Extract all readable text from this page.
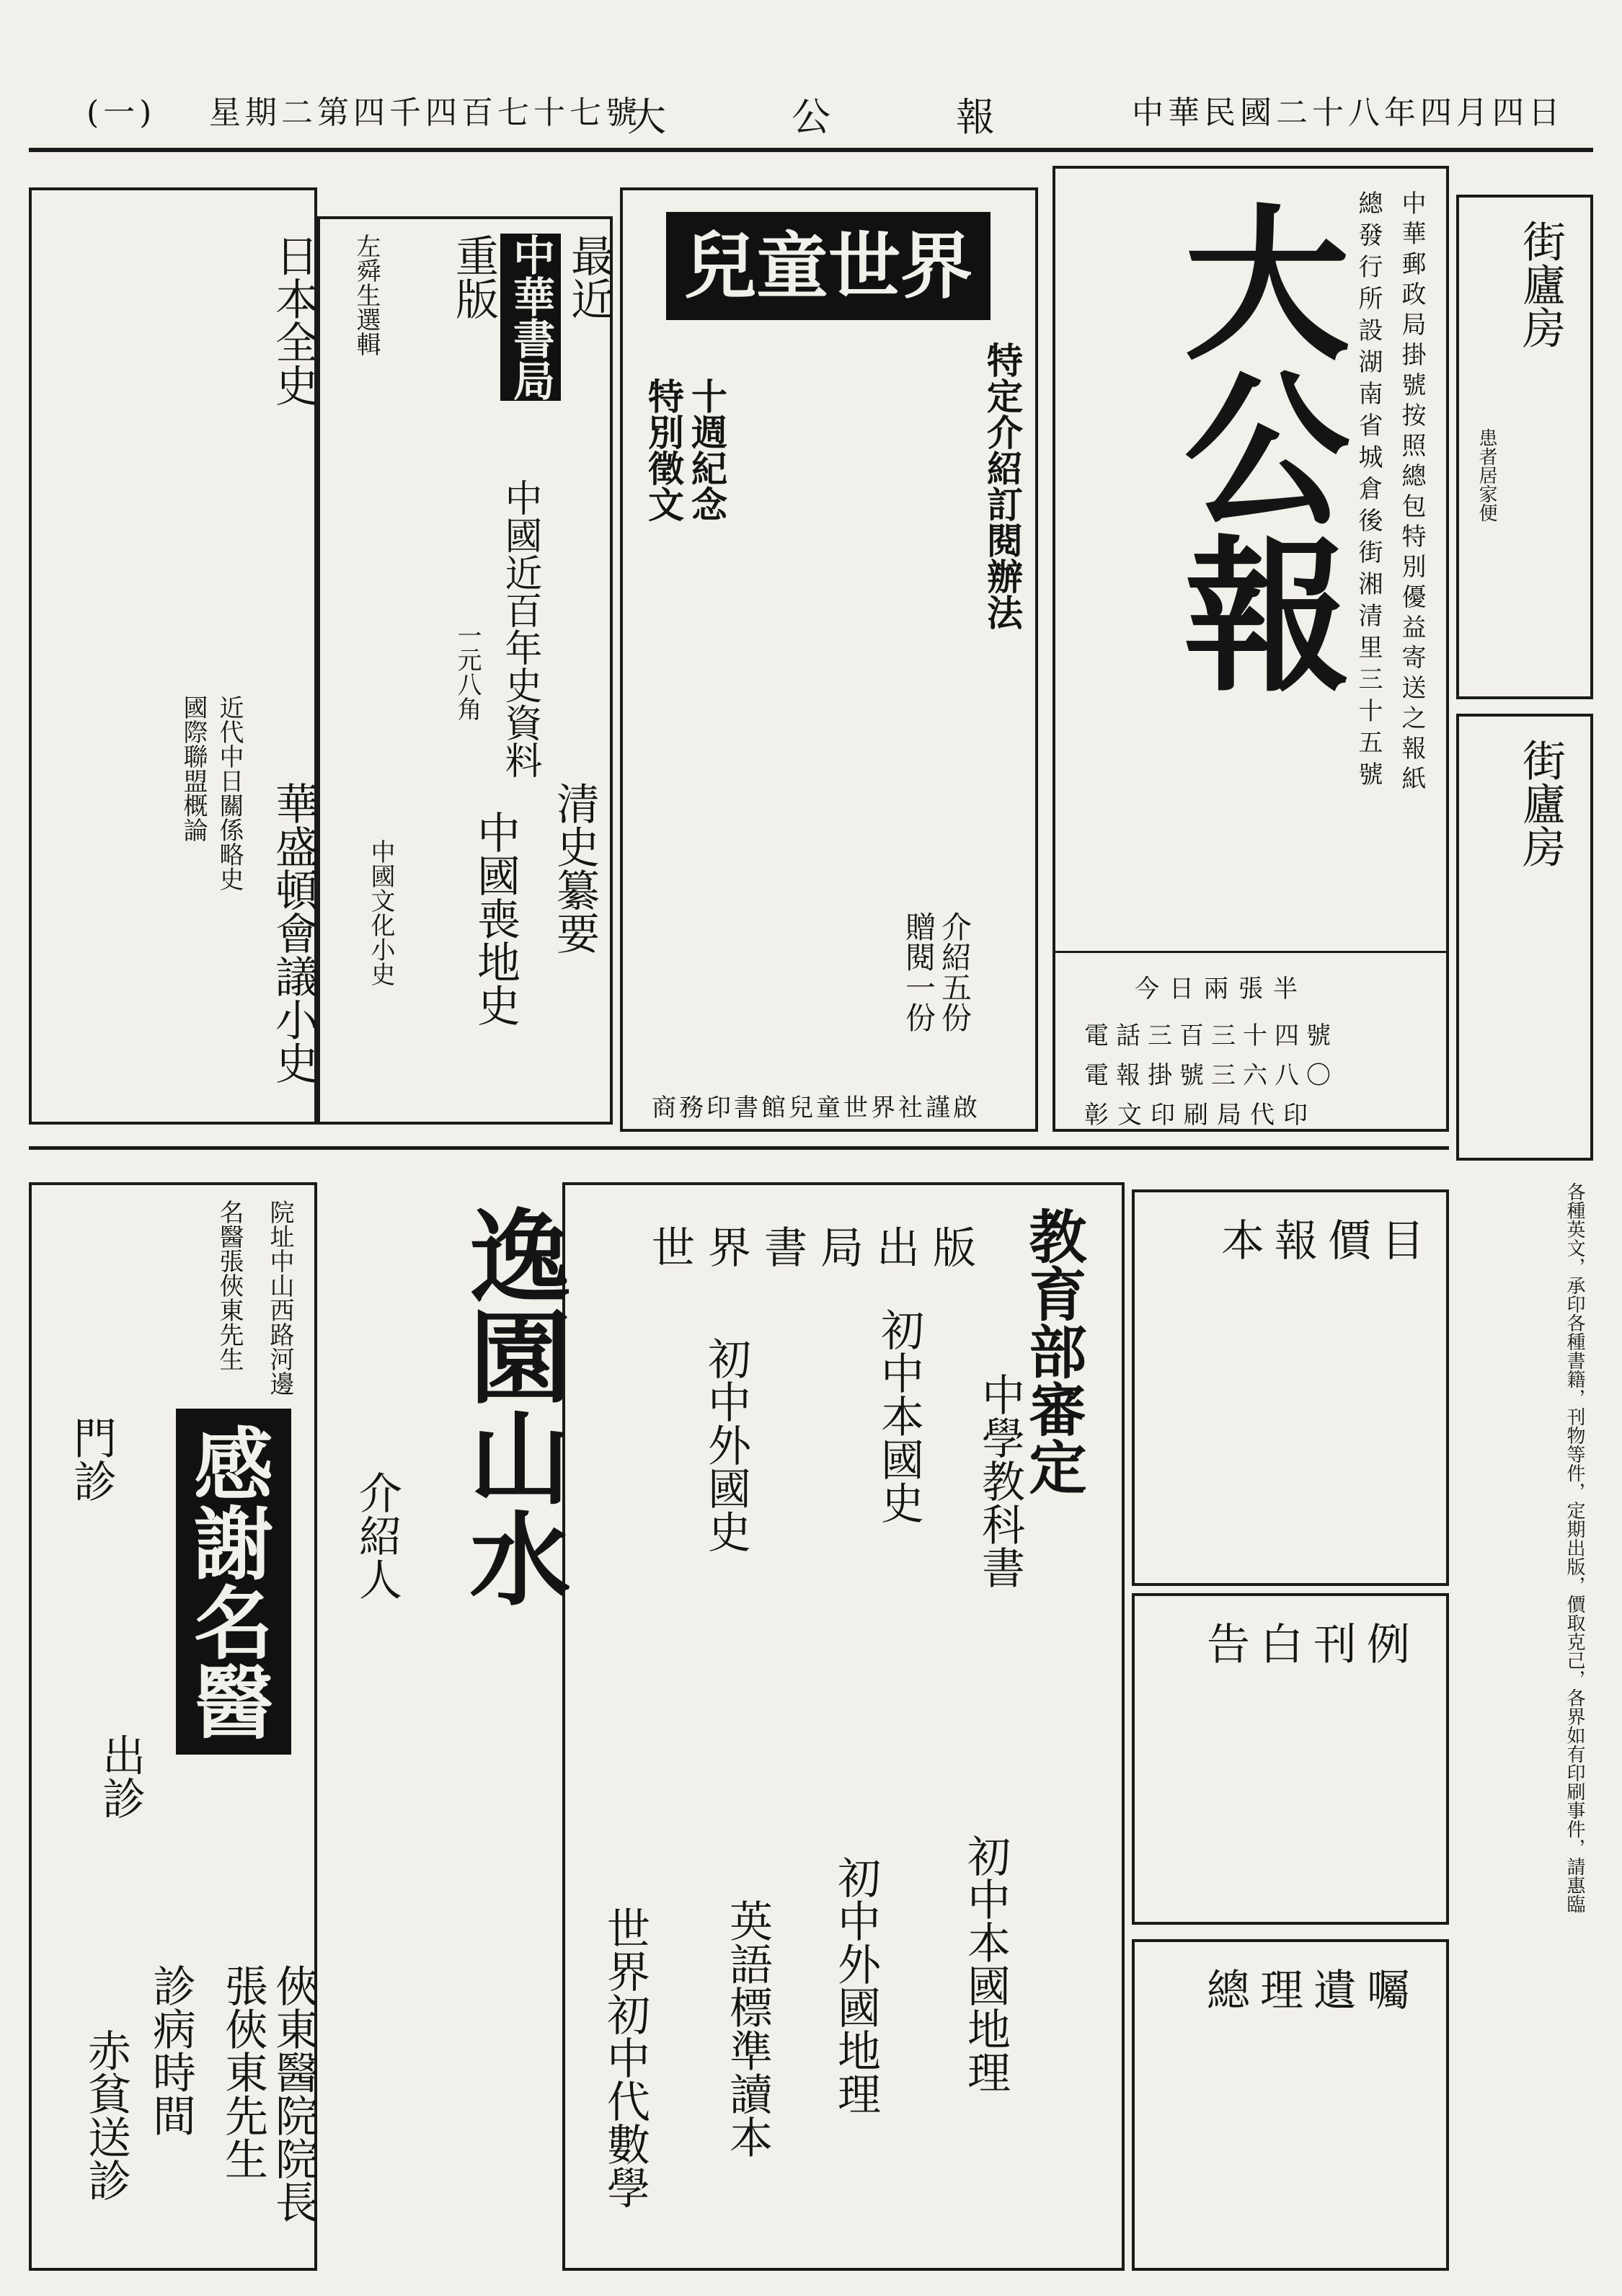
中華民國二十八年四月四日
大　公　報
第四千四百七十七號
星期二
(一)
大公報 中華郵政局掛號按照總包特別優益寄送之報紙
總發行所設湖南省城倉後街湘清里三十五號
今日兩張半
電話三百三十四號
電報掛號三六八〇
彰文印刷局代印
街廬房
患者居家便
街廬房
各種英文，承印各種書籍，刊物等件，定期出版，價取克己，各界如有印刷事件，請惠臨
兒童世界
特定介紹訂閱辦法
十週紀念
特別徵文
介紹五份
贈閱一份
商務印書館兒童世界社謹啟
最近
中華書局
重版
左舜生選輯
中國近百年史資料
一元八角
清史纂要
中國喪地史
中國文化小史
日本全史
近代中日關係略史
國際聯盟概論
華盛頓會議小史
本報價目
告白刊例
總理遺囑
世界書局出版 教育部審定
中學教科書
初中本國史
初中外國史
初中本國地理
初中外國地理
英語標準讀本
世界初中代數學
逸園山水
介紹人
院址中山西路河邊
名醫張俠東先生
感謝名醫
門診
出診
張俠東先生 俠東醫院院長
診病時間
赤貧送診
